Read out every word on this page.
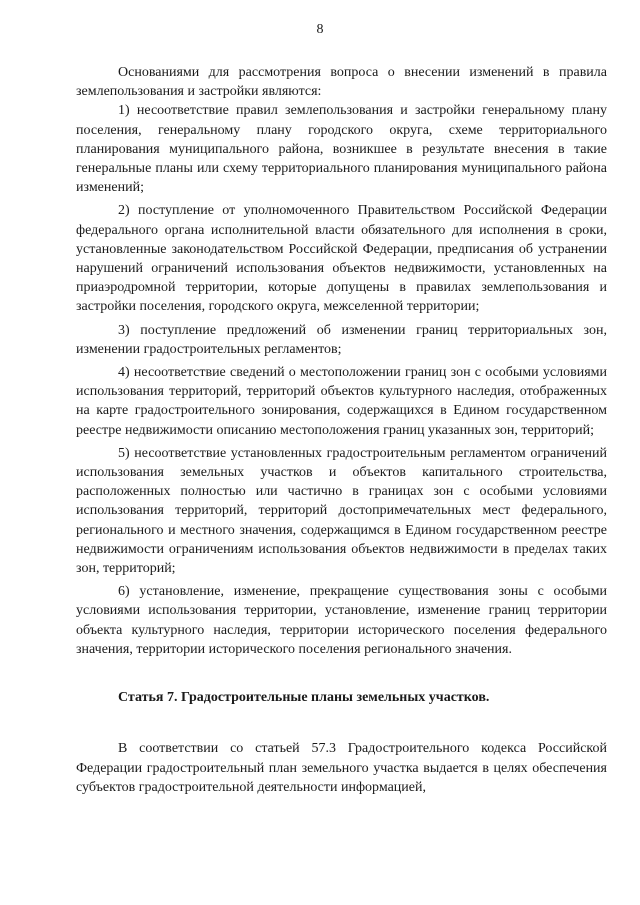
8

Основаниями для рассмотрения вопроса о внесении изменений в правила землепользования и застройки являются:

1) несоответствие правил землепользования и застройки генеральному плану поселения, генеральному плану городского округа, схеме территориального планирования муниципального района, возникшее в результате внесения в такие генеральные планы или схему территориального планирования муниципального района изменений;

2) поступление от уполномоченного Правительством Российской Федерации федерального органа исполнительной власти обязательного для исполнения в сроки, установленные законодательством Российской Федерации, предписания об устранении нарушений ограничений использования объектов недвижимости, установленных на приаэродромной территории, которые допущены в правилах землепользования и застройки поселения, городского округа, межселенной территории;

3) поступление предложений об изменении границ территориальных зон, изменении градостроительных регламентов;

4) несоответствие сведений о местоположении границ зон с особыми условиями использования территорий, территорий объектов культурного наследия, отображенных на карте градостроительного зонирования, содержащихся в Едином государственном реестре недвижимости описанию местоположения границ указанных зон, территорий;

5) несоответствие установленных градостроительным регламентом ограничений использования земельных участков и объектов капитального строительства, расположенных полностью или частично в границах зон с особыми условиями использования территорий, территорий достопримечательных мест федерального, регионального и местного значения, содержащимся в Едином государственном реестре недвижимости ограничениям использования объектов недвижимости в пределах таких зон, территорий;

6) установление, изменение, прекращение существования зоны с особыми условиями использования территории, установление, изменение границ территории объекта культурного наследия, территории исторического поселения федерального значения, территории исторического поселения регионального значения.

Статья 7. Градостроительные планы земельных участков.

В соответствии со статьей 57.3 Градостроительного кодекса Российской Федерации градостроительный план земельного участка выдается в целях обеспечения субъектов градостроительной деятельности информацией,
